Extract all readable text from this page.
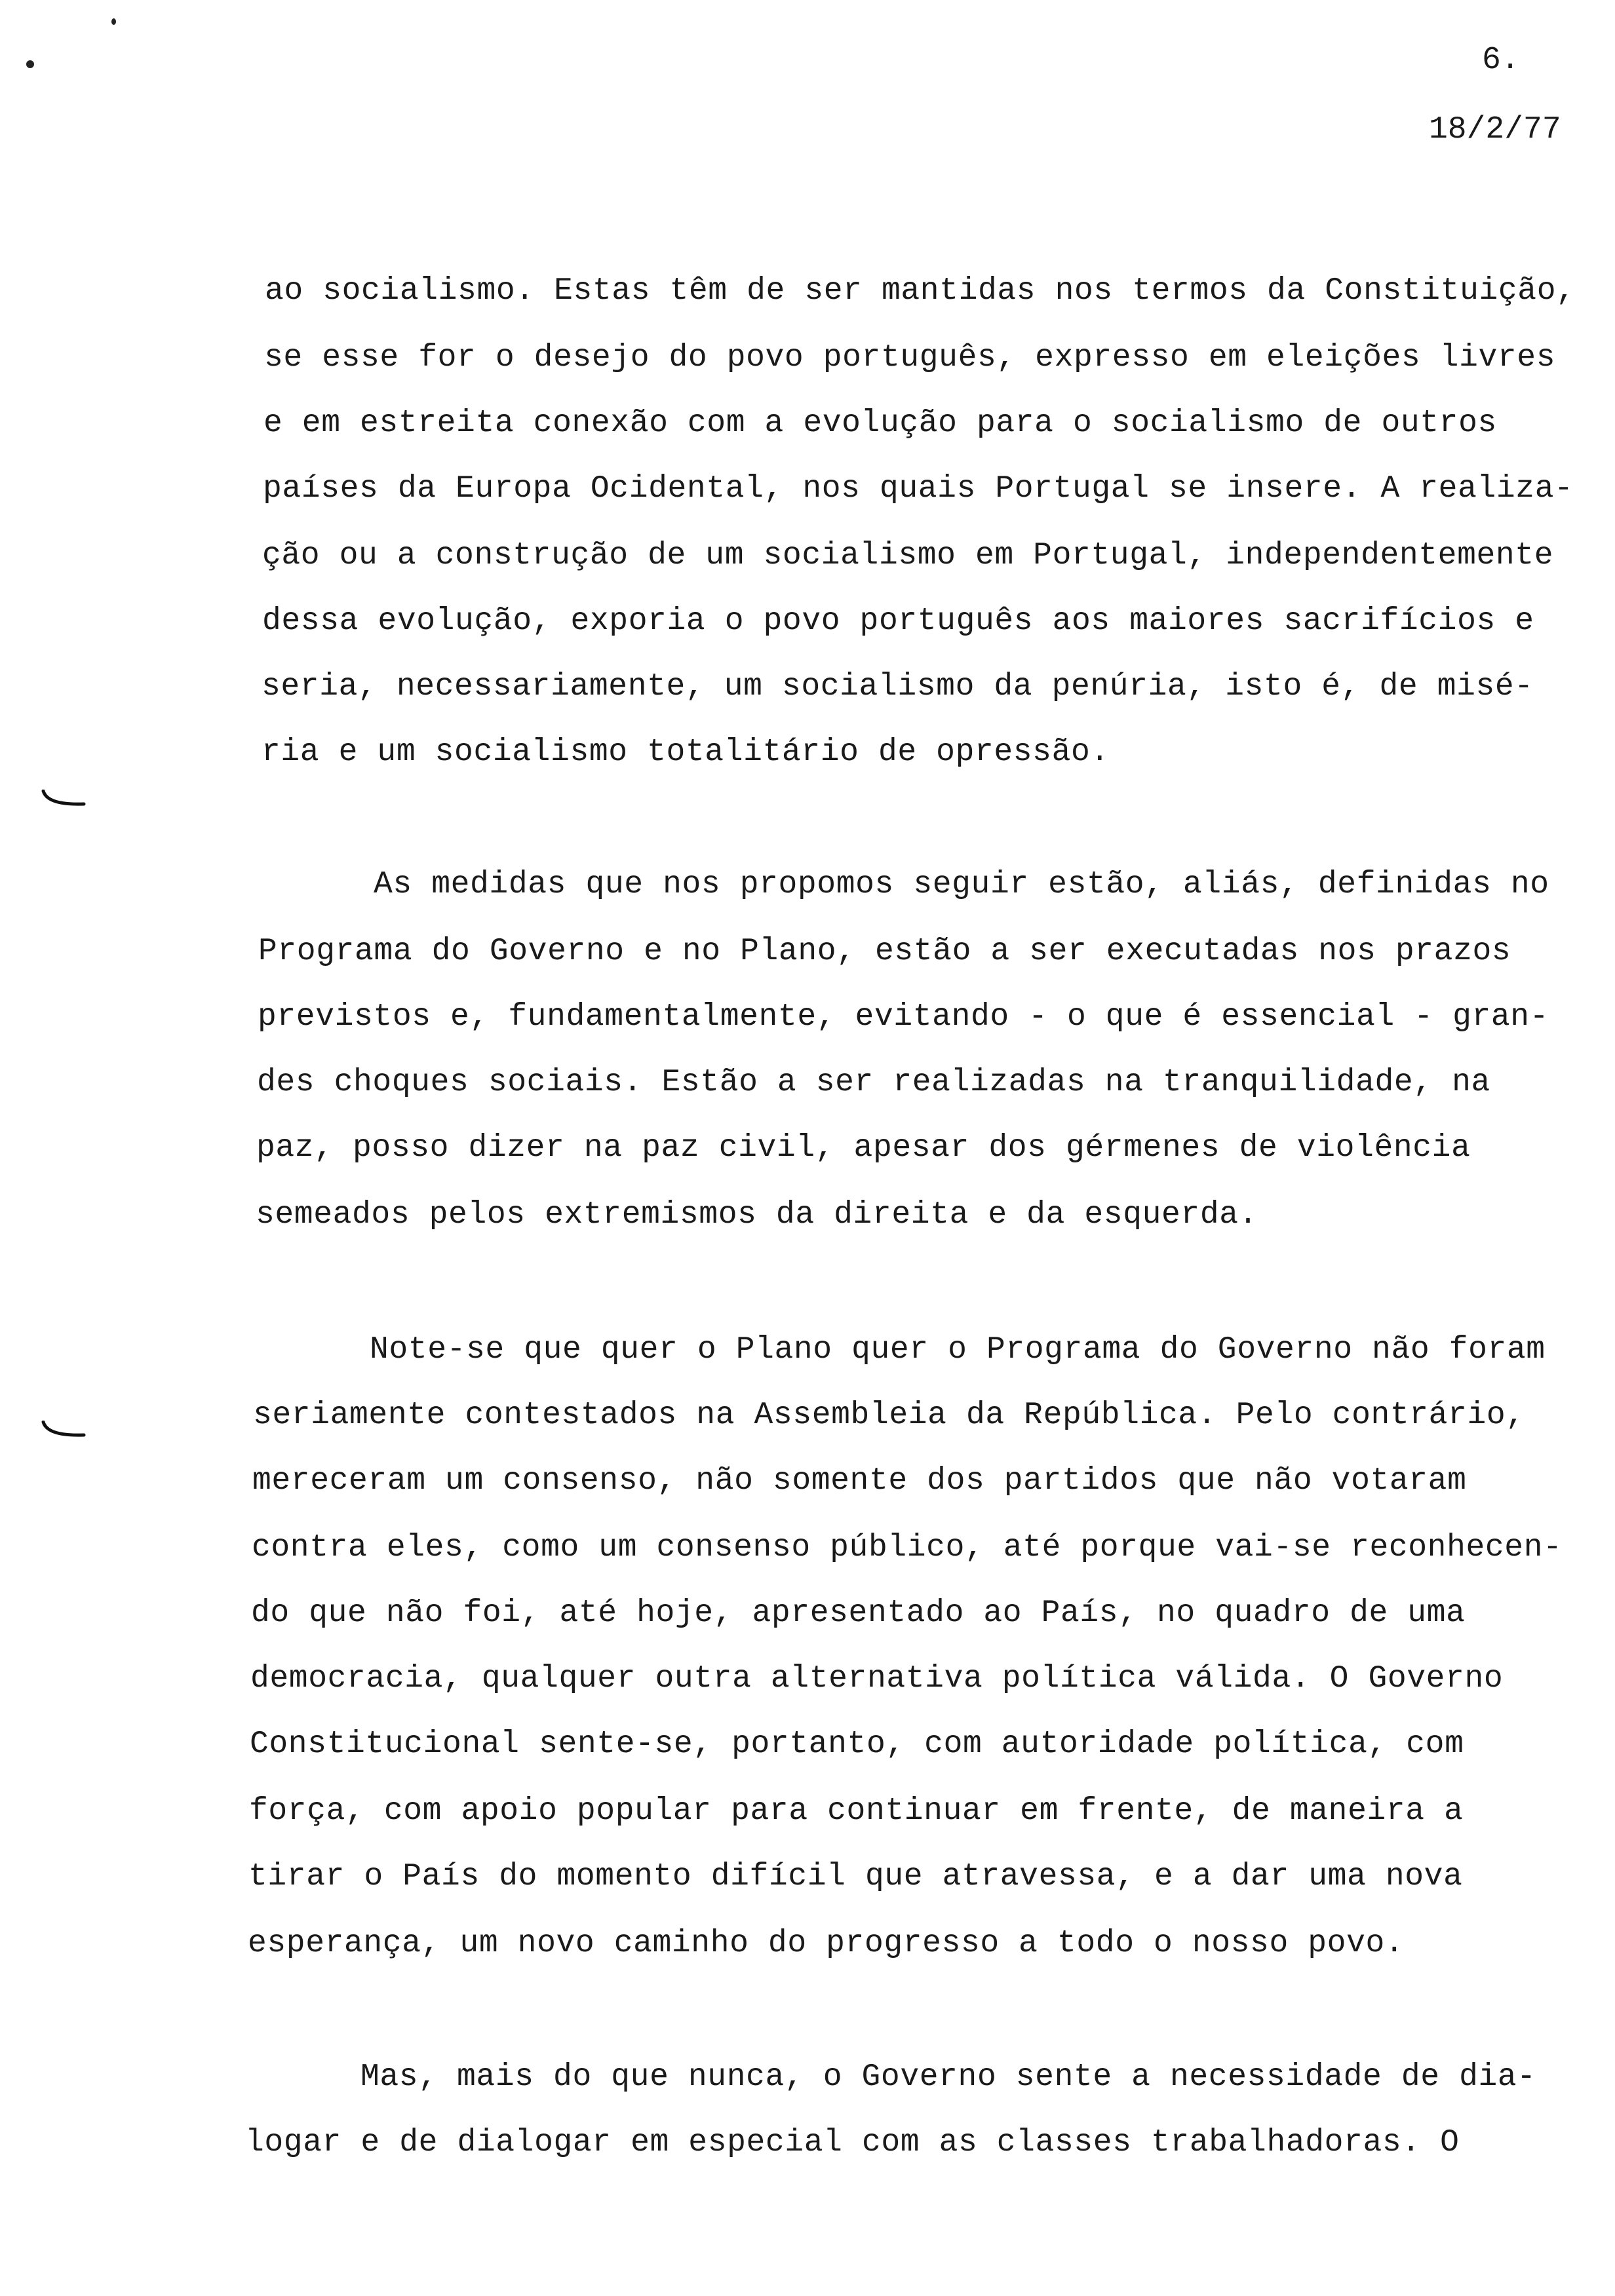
6.
18/2/77
ao socialismo. Estas têm de ser mantidas nos termos da Constituição,
se esse for o desejo do povo português, expresso em eleições livres
e em estreita conexão com a evolução para o socialismo de outros
países da Europa Ocidental, nos quais Portugal se insere. A realiza-
ção ou a construção de um socialismo em Portugal, independentemente
dessa evolução, exporia o povo português aos maiores sacrifícios e
seria, necessariamente, um socialismo da penúria, isto é, de misé-
ria e um socialismo totalitário de opressão.
As medidas que nos propomos seguir estão, aliás, definidas no
Programa do Governo e no Plano, estão a ser executadas nos prazos
previstos e, fundamentalmente, evitando - o que é essencial - gran-
des choques sociais. Estão a ser realizadas na tranquilidade, na
paz, posso dizer na paz civil, apesar dos gérmenes de violência
semeados pelos extremismos da direita e da esquerda.
Note-se que quer o Plano quer o Programa do Governo não foram
seriamente contestados na Assembleia da República. Pelo contrário,
mereceram um consenso, não somente dos partidos que não votaram
contra eles, como um consenso público, até porque vai-se reconhecen-
do que não foi, até hoje, apresentado ao País, no quadro de uma
democracia, qualquer outra alternativa política válida. O Governo
Constitucional sente-se, portanto, com autoridade política, com
força, com apoio popular para continuar em frente, de maneira a
tirar o País do momento difícil que atravessa, e a dar uma nova
esperança, um novo caminho do progresso a todo o nosso povo.
Mas, mais do que nunca, o Governo sente a necessidade de dia-
logar e de dialogar em especial com as classes trabalhadoras. O
